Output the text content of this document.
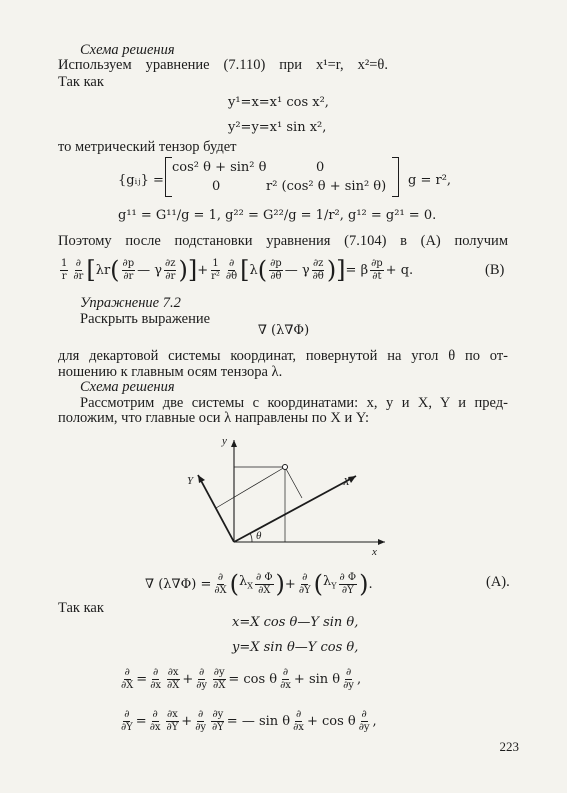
Схема решения
Используем уравнение (7.110) при x¹=r, x²=θ.
Так как
y¹=x=x¹ cos x²,
y²=y=x¹ sin x²,
то метрический тензор будет
{gᵢⱼ} =
cos² θ + sin² θ	0
0	r² (cos² θ + sin² θ) g = r²,
g¹¹ = G¹¹/g = 1, g²² = G²²/g = 1/r², g¹² = g²¹ = 0.
Поэтому после подстановки уравнения (7.104) в (A) получим
$\frac{1}{r} \frac{\partial}{\partial r}$ [ λr ( $\frac{\partial p}{\partial r}$ — γ $\frac{\partial z}{\partial r}$ )] + $\frac{1}{\text{r²}} \frac{\partial}{\partial\theta}$ [ λ ( $\frac{\partial p}{\partial\theta}$ — γ $\frac{\partial z}{\partial\theta}$ )] = β $\frac{\partial p}{\partial t} + q$.	(B)
Упражнение 7.2
Раскрыть выражение
∇ (λ∇Φ)
для декартовой системы координат, повернутой на угол θ по от-
ношению к главным осям тензора λ.
Схема решения
Рассмотрим две системы с координатами: x, y и X, Y и пред-
положим, что главные оси λ направлены по X и Y:
y
Y	X
x
θ
∇ $(\lambda\nabla\Phi) = \frac{\partial}{\partial X}$ ( $\lambda_X \frac{\partial \Phi}{\partial X}$ ) + $\frac{\partial}{\partial Y}$ ( $\lambda_Y \frac{\partial \Phi}{\partial Y}$ ) .	(A).
Так как
x=X cos θ—Y sin θ,
y=X sin θ—Y cos θ,
$\frac{\partial}{\partial X} = \frac{\partial}{\partial x} \frac{\partial x}{\partial X} + \frac{\partial}{\partial y} \frac{\partial y}{\partial X} = \cos \theta \frac{\partial}{\partial x} + \sin \theta \frac{\partial}{\partial y}$ ,
$\frac{\partial}{\partial Y} = \frac{\partial}{\partial x} \frac{\partial x}{\partial Y} + \frac{\partial}{\partial y} \frac{\partial y}{\partial Y}$ = — sin θ $\frac{\partial}{\partial x} + \cos \theta \frac{\partial}{\partial y}$ ,
223
